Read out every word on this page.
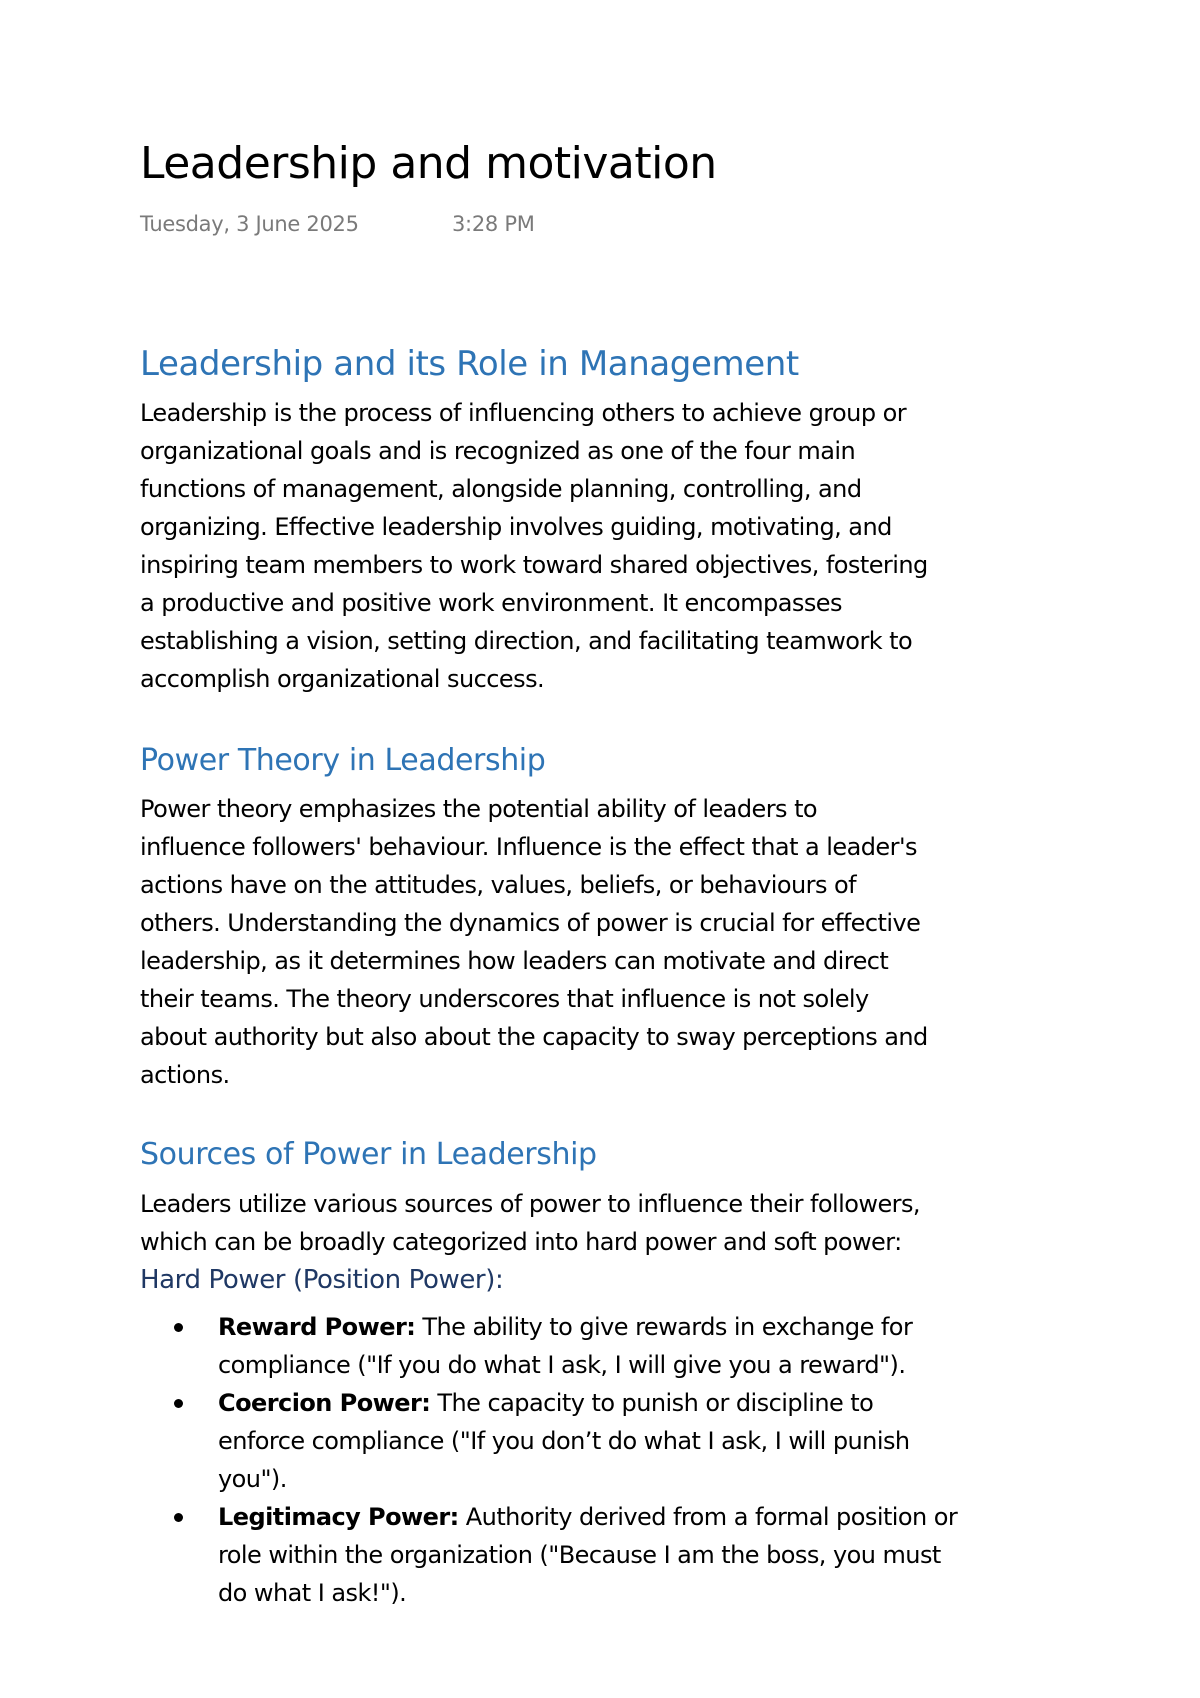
Leadership and motivation
Tuesday, 3 June 2025	3:28 PM
Leadership and its Role in Management
Leadership is the process of influencing others to achieve group or
organizational goals and is recognized as one of the four main
functions of management, alongside planning, controlling, and
organizing. Effective leadership involves guiding, motivating, and
inspiring team members to work toward shared objectives, fostering
a productive and positive work environment. It encompasses
establishing a vision, setting direction, and facilitating teamwork to
accomplish organizational success.
Power Theory in Leadership
Power theory emphasizes the potential ability of leaders to
influence followers' behaviour. Influence is the effect that a leader's
actions have on the attitudes, values, beliefs, or behaviours of
others. Understanding the dynamics of power is crucial for effective
leadership, as it determines how leaders can motivate and direct
their teams. The theory underscores that influence is not solely
about authority but also about the capacity to sway perceptions and
actions.
Sources of Power in Leadership
Leaders utilize various sources of power to influence their followers,
which can be broadly categorized into hard power and soft power:
Hard Power (Position Power):
Reward Power: The ability to give rewards in exchange for
compliance ("If you do what I ask, I will give you a reward").
Coercion Power: The capacity to punish or discipline to
enforce compliance ("If you don’t do what I ask, I will punish
you").
Legitimacy Power: Authority derived from a formal position or
role within the organization ("Because I am the boss, you must
do what I ask!").
